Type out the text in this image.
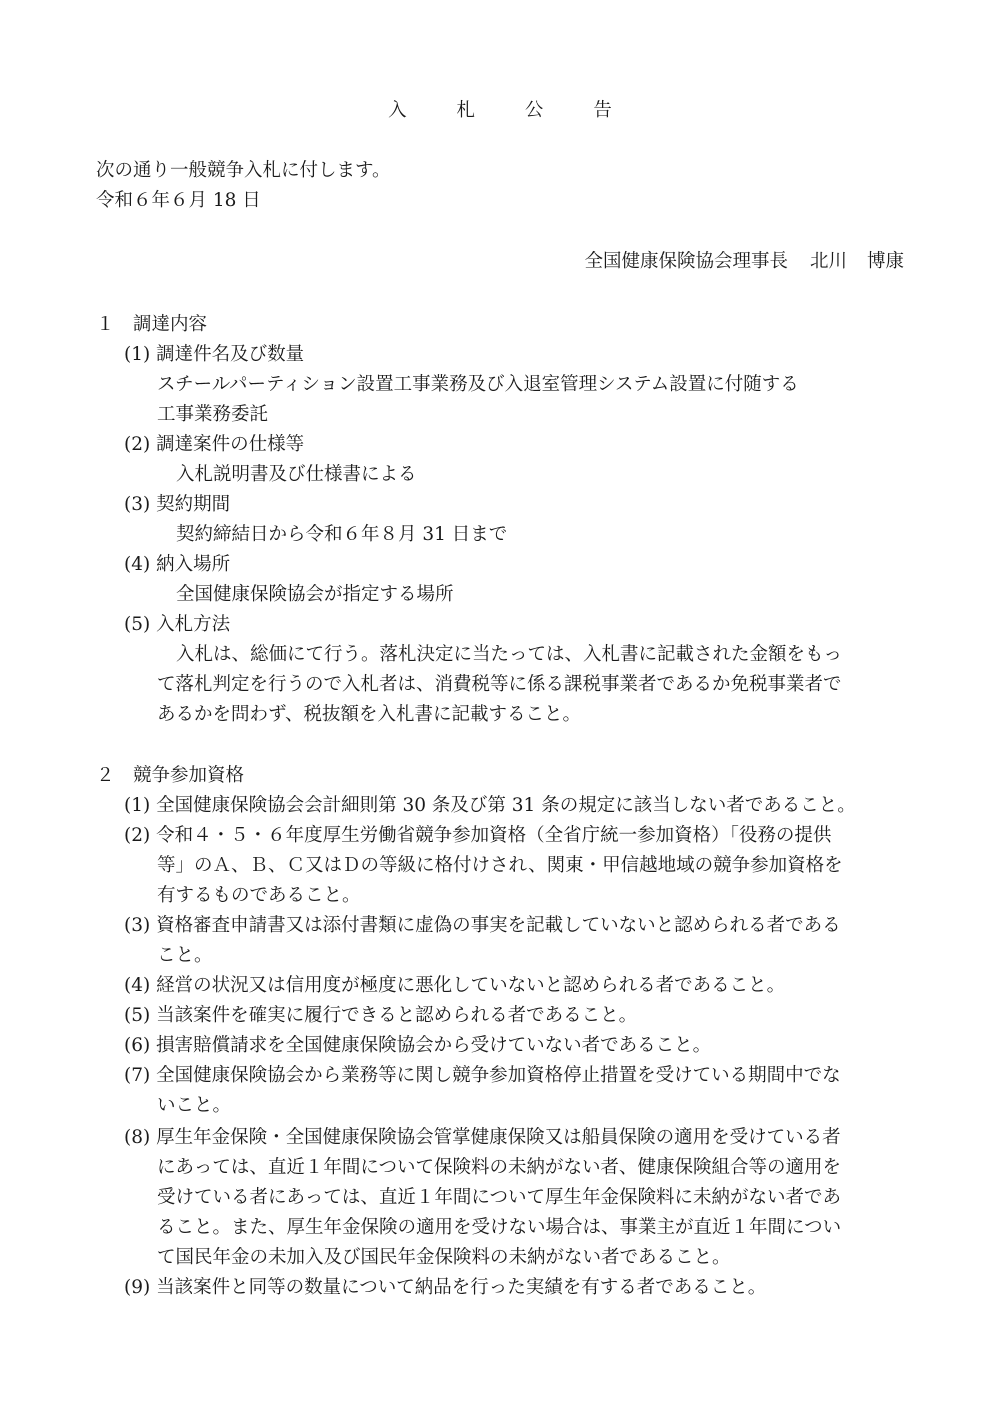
入 札 公 告
次の通り一般競争入札に付します。
令和６年６月 18 日
全国健康保険協会理事長 北川 博康
１　調達内容
(1) 調達件名及び数量
スチールパーティション設置工事業務及び入退室管理システム設置に付随する
工事業務委託
(2) 調達案件の仕様等
入札説明書及び仕様書による
(3) 契約期間
契約締結日から令和６年８月 31 日まで
(4) 納入場所
全国健康保険協会が指定する場所
(5) 入札方法
入札は、総価にて行う。落札決定に当たっては、入札書に記載された金額をもっ
て落札判定を行うので入札者は、消費税等に係る課税事業者であるか免税事業者で
あるかを問わず、税抜額を入札書に記載すること。
２　競争参加資格
(1) 全国健康保険協会会計細則第 30 条及び第 31 条の規定に該当しない者であること。
(2) 令和４・５・６年度厚生労働省競争参加資格（全省庁統一参加資格）「役務の提供
等」のＡ、Ｂ、Ｃ又はＤの等級に格付けされ、関東・甲信越地域の競争参加資格を
有するものであること。
(3) 資格審査申請書又は添付書類に虚偽の事実を記載していないと認められる者である
こと。
(4) 経営の状況又は信用度が極度に悪化していないと認められる者であること。
(5) 当該案件を確実に履行できると認められる者であること。
(6) 損害賠償請求を全国健康保険協会から受けていない者であること。
(7) 全国健康保険協会から業務等に関し競争参加資格停止措置を受けている期間中でな
いこと。
(8) 厚生年金保険・全国健康保険協会管掌健康保険又は船員保険の適用を受けている者
にあっては、直近１年間について保険料の未納がない者、健康保険組合等の適用を
受けている者にあっては、直近１年間について厚生年金保険料に未納がない者であ
ること。また、厚生年金保険の適用を受けない場合は、事業主が直近１年間につい
て国民年金の未加入及び国民年金保険料の未納がない者であること。
(9) 当該案件と同等の数量について納品を行った実績を有する者であること。
